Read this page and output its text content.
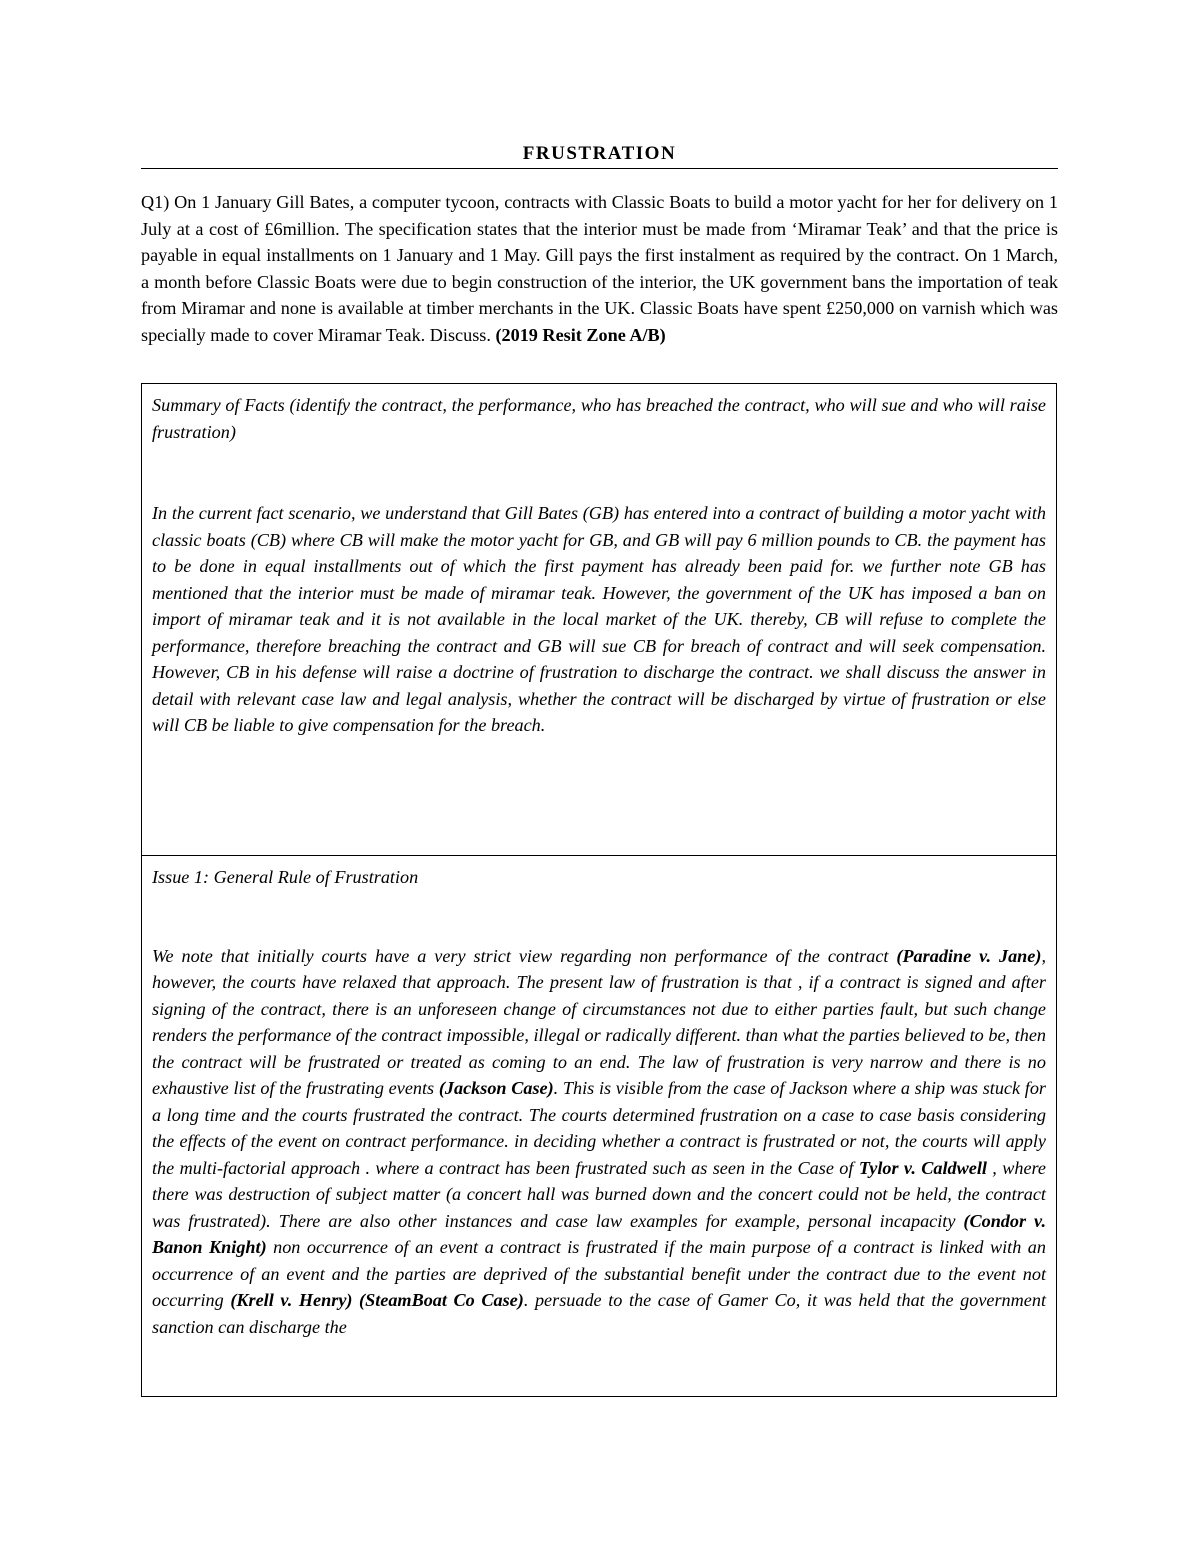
FRUSTRATION

Q1) On 1 January Gill Bates, a computer tycoon, contracts with Classic Boats to build a motor yacht for her for delivery on 1 July at a cost of £6million. The specification states that the interior must be made from ‘Miramar Teak’ and that the price is payable in equal installments on 1 January and 1 May. Gill pays the first instalment as required by the contract. On 1 March, a month before Classic Boats were due to begin construction of the interior, the UK government bans the importation of teak from Miramar and none is available at timber merchants in the UK. Classic Boats have spent £250,000 on varnish which was specially made to cover Miramar Teak. Discuss. (2019 Resit Zone A/B)

Summary of Facts (identify the contract, the performance, who has breached the contract, who will sue and who will raise frustration)

In the current fact scenario, we understand that Gill Bates (GB) has entered into a contract of building a motor yacht with classic boats (CB) where CB will make the motor yacht for GB, and GB will pay 6 million pounds to CB. the payment has to be done in equal installments out of which the first payment has already been paid for. we further note GB has mentioned that the interior must be made of miramar teak. However, the government of the UK has imposed a ban on import of miramar teak and it is not available in the local market of the UK. thereby, CB will refuse to complete the performance, therefore breaching the contract and GB will sue CB for breach of contract and will seek compensation. However, CB in his defense will raise a doctrine of frustration to discharge the contract. we shall discuss the answer in detail with relevant case law and legal analysis, whether the contract will be discharged by virtue of frustration or else will CB be liable to give compensation for the breach.

Issue 1: General Rule of Frustration

We note that initially courts have a very strict view regarding non performance of the contract (Paradine v. Jane), however, the courts have relaxed that approach. The present law of frustration is that , if a contract is signed and after signing of the contract, there is an unforeseen change of circumstances not due to either parties fault, but such change renders the performance of the contract impossible, illegal or radically different. than what the parties believed to be, then the contract will be frustrated or treated as coming to an end. The law of frustration is very narrow and there is no exhaustive list of the frustrating events (Jackson Case). This is visible from the case of Jackson where a ship was stuck for a long time and the courts frustrated the contract. The courts determined frustration on a case to case basis considering the effects of the event on contract performance. in deciding whether a contract is frustrated or not, the courts will apply the multi-factorial approach . where a contract has been frustrated such as seen in the Case of Tylor v. Caldwell , where there was destruction of subject matter (a concert hall was burned down and the concert could not be held, the contract was frustrated). There are also other instances and case law examples for example, personal incapacity (Condor v. Banon Knight) non occurrence of an event a contract is frustrated if the main purpose of a contract is linked with an occurrence of an event and the parties are deprived of the substantial benefit under the contract due to the event not occurring (Krell v. Henry) (SteamBoat Co Case). persuade to the case of Gamer Co, it was held that the government sanction can discharge the
